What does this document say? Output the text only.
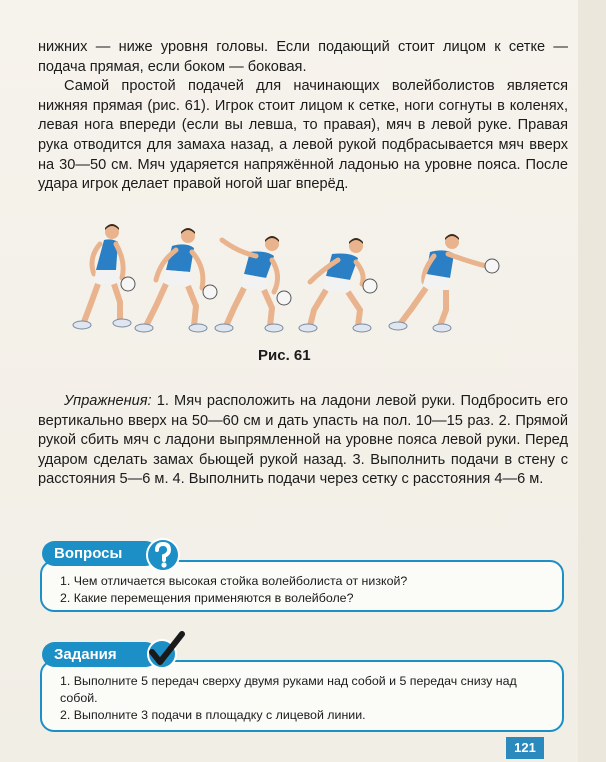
нижних — ниже уровня головы. Если подающий стоит лицом к сетке — подача прямая, если боком — боковая.

Самой простой подачей для начинающих волейболистов является нижняя прямая (рис. 61). Игрок стоит лицом к сетке, ноги согнуты в коленях, левая нога впереди (если вы левша, то правая), мяч в левой руке. Правая рука отводится для замаха назад, а левой рукой подбрасывается мяч вверх на 30—50 см. Мяч ударяется напряжённой ладонью на уровне пояса. После удара игрок делает правой ногой шаг вперёд.

Рис. 61
Упражнения: 1. Мяч расположить на ладони левой руки. Подбросить его вертикально вверх на 50—60 см и дать упасть на пол. 10—15 раз. 2. Прямой рукой сбить мяч с ладони выпрямленной на уровне пояса левой руки. Перед ударом сделать замах бьющей рукой назад. 3. Выполнить подачи в стену с расстояния 5—6 м. 4. Выполнить подачи через сетку с расстояния 4—6 м.
Вопросы
1. Чем отличается высокая стойка волейболиста от низкой?
2. Какие перемещения применяются в волейболе?
Задания
1. Выполните 5 передач сверху двумя руками над собой и 5 передач снизу над собой.
2. Выполните 3 подачи в площадку с лицевой линии.
121
